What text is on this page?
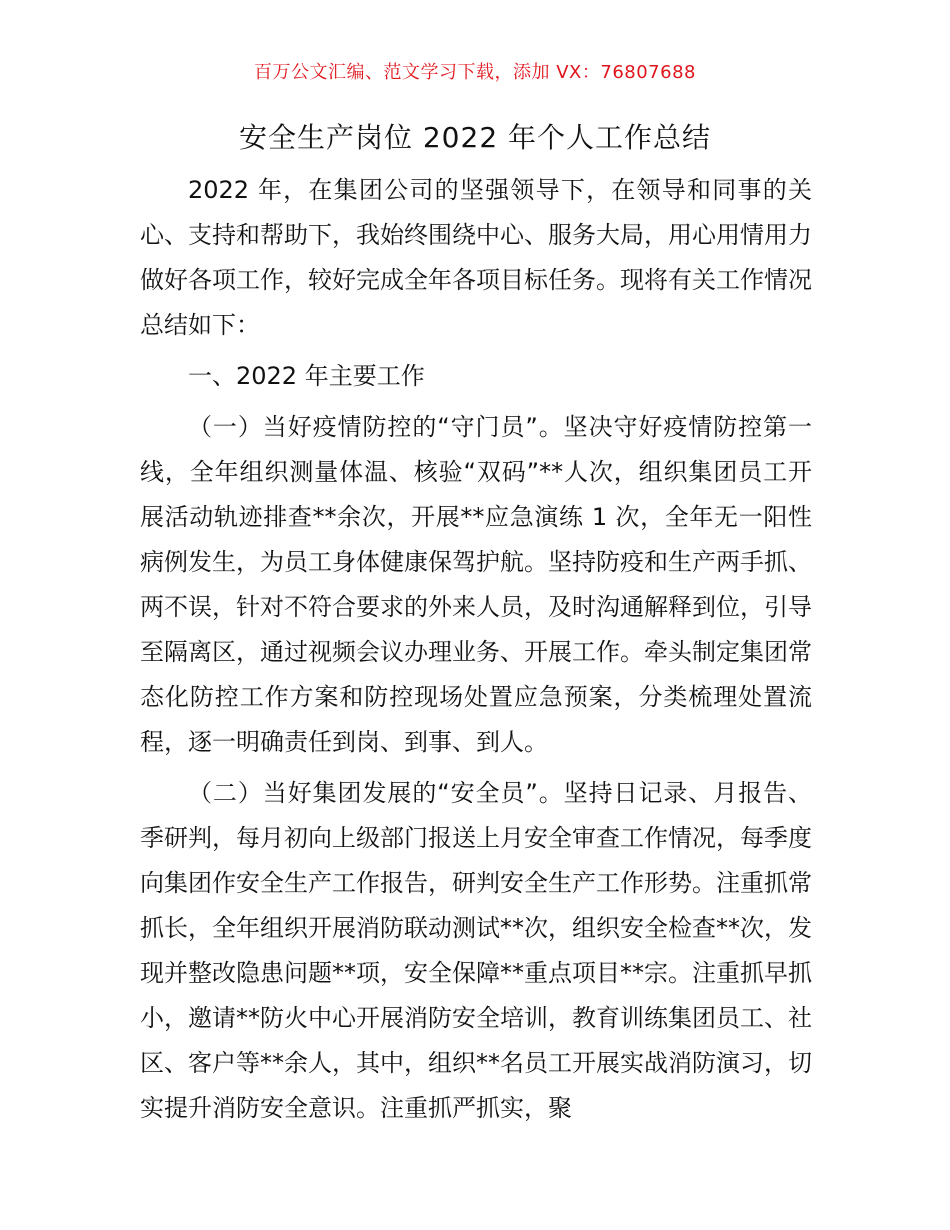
百万公文汇编、范文学习下载，添加 VX：76807688
安全生产岗位 2022 年个人工作总结

2022 年，在集团公司的坚强领导下，在领导和同事的关心、支持和帮助下，我始终围绕中心、服务大局，用心用情用力做好各项工作，较好完成全年各项目标任务。现将有关工作情况总结如下：

一、2022 年主要工作

（一）当好疫情防控的“守门员”。坚决守好疫情防控第一线，全年组织测量体温、核验“双码”**人次，组织集团员工开展活动轨迹排查**余次，开展**应急演练 1 次，全年无一阳性病例发生，为员工身体健康保驾护航。坚持防疫和生产两手抓、两不误，针对不符合要求的外来人员，及时沟通解释到位，引导至隔离区，通过视频会议办理业务、开展工作。牵头制定集团常态化防控工作方案和防控现场处置应急预案，分类梳理处置流程，逐一明确责任到岗、到事、到人。

（二）当好集团发展的“安全员”。坚持日记录、月报告、季研判，每月初向上级部门报送上月安全审查工作情况，每季度向集团作安全生产工作报告，研判安全生产工作形势。注重抓常抓长，全年组织开展消防联动测试**次，组织安全检查**次，发现并整改隐患问题**项，安全保障**重点项目**宗。注重抓早抓小，邀请**防火中心开展消防安全培训，教育训练集团员工、社区、客户等**余人，其中，组织**名员工开展实战消防演习，切实提升消防安全意识。注重抓严抓实，聚
